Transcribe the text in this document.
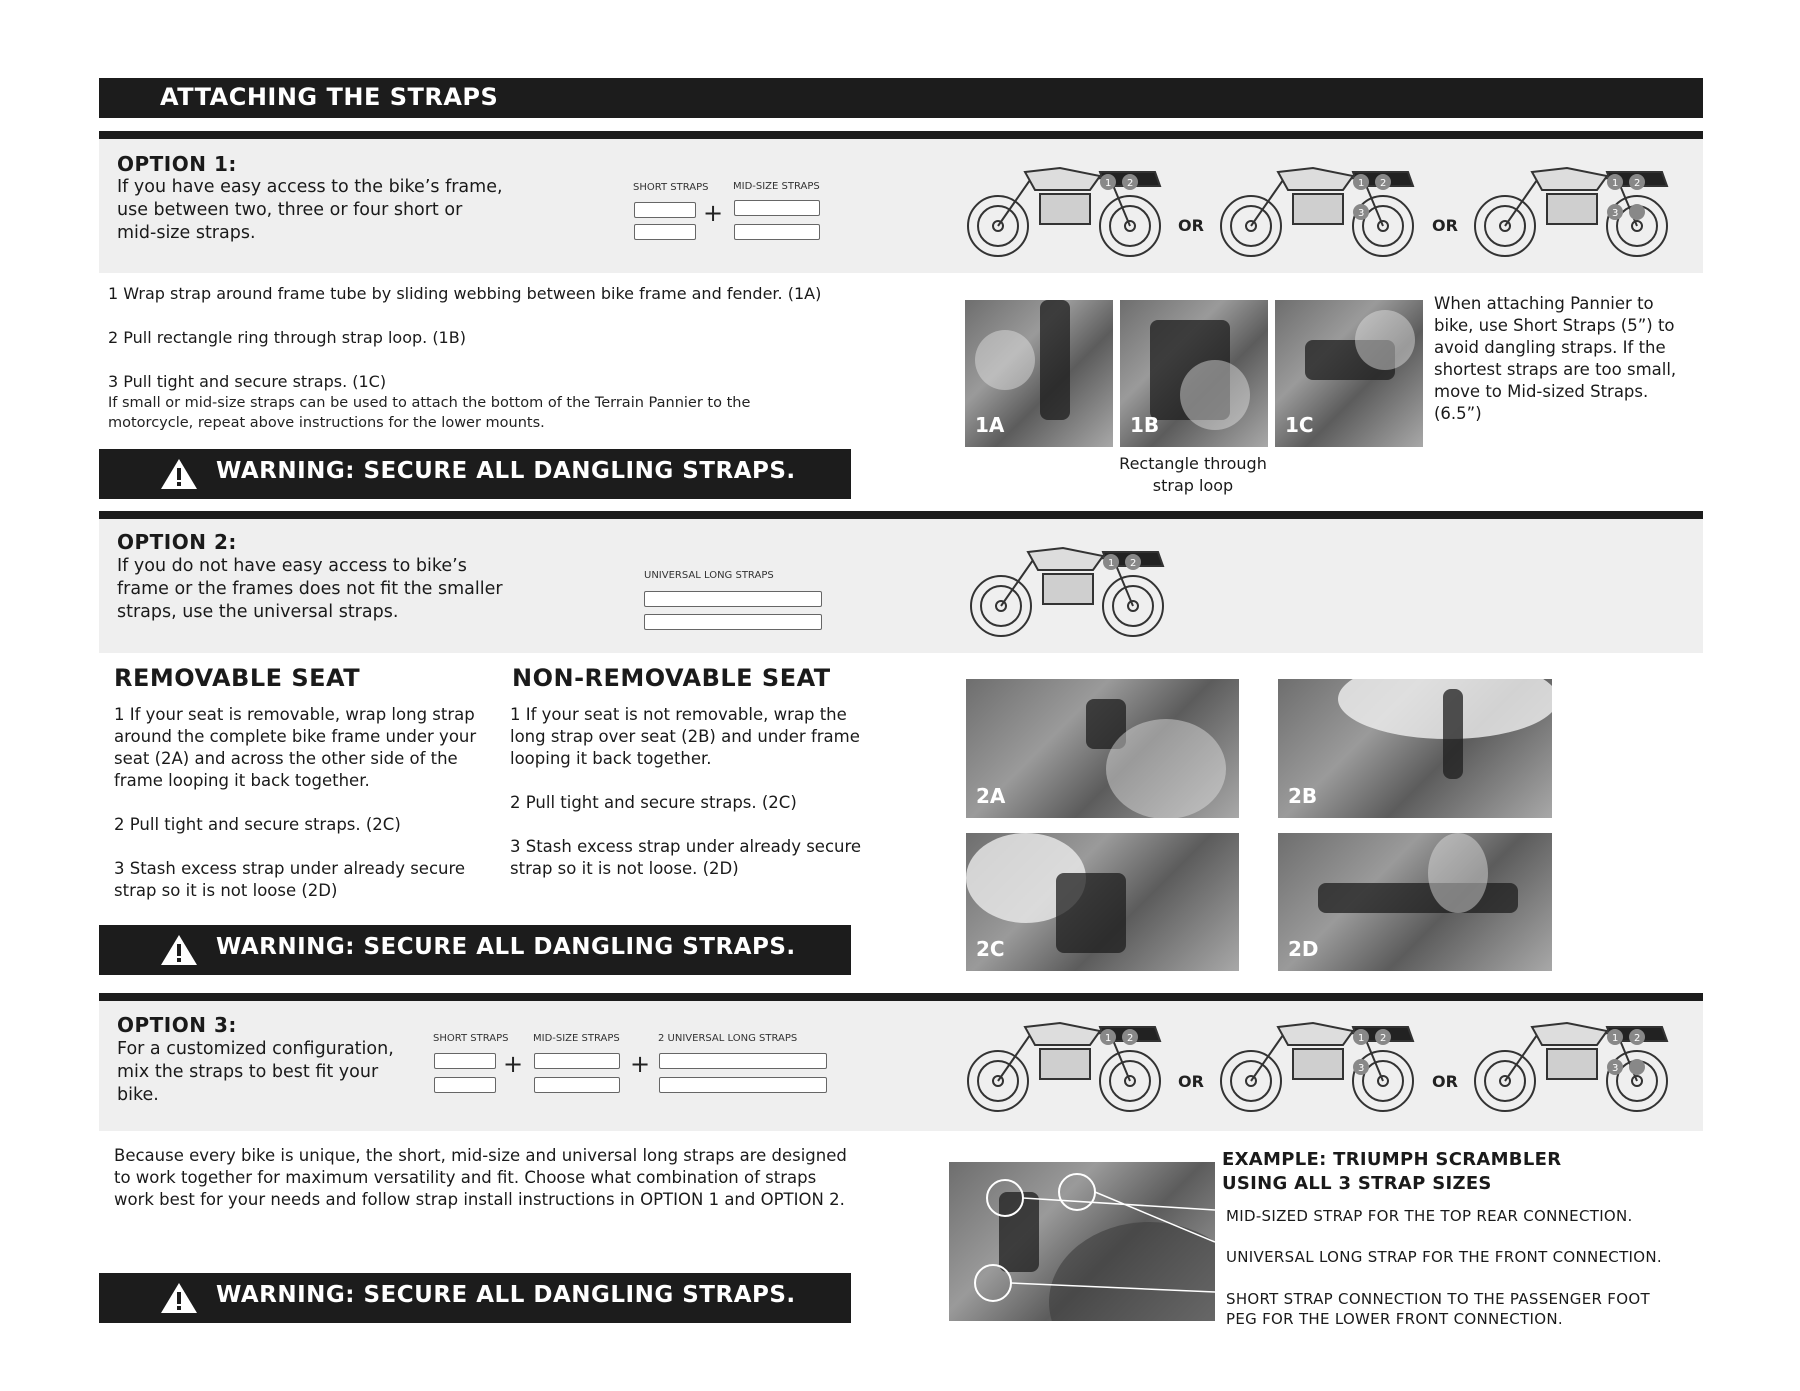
ATTACHING THE STRAPS
OPTION 1:
If you have easy access to the bike’s frame,
use between two, three or four short or
mid-size straps.
SHORT STRAPS MID-SIZE STRAPS
+
1 2
OR
1 2
3
OR
1 2
3
1 Wrap strap around frame tube by sliding webbing between bike frame and fender. (1A)
2 Pull rectangle ring through strap loop. (1B)
3 Pull tight and secure straps. (1C)
If small or mid-size straps can be used to attach the bottom of the Terrain Pannier to the motorcycle, repeat above instructions for the lower mounts.
WARNING: SECURE ALL DANGLING STRAPS.
1A	1B	1C
Rectangle through strap loop
When attaching Pannier to bike, use Short Straps (5”) to avoid dangling straps. If the shortest straps are too small, move to Mid-sized Straps. (6.5”)
OPTION 2:
If you do not have easy access to bike’s
frame or the frames does not fit the smaller
straps, use the universal straps.
UNIVERSAL LONG STRAPS
1 2
REMOVABLE SEAT
1 If your seat is removable, wrap long strap around the complete bike frame under your seat (2A) and across the other side of the frame looping it back together.
2 Pull tight and secure straps. (2C)
3 Stash excess strap under already secure strap so it is not loose (2D)
NON-REMOVABLE SEAT
1 If your seat is not removable, wrap the long strap over seat (2B) and under frame looping it back together.
2 Pull tight and secure straps. (2C)
3 Stash excess strap under already secure strap so it is not loose. (2D)
WARNING: SECURE ALL DANGLING STRAPS.
2A	2B
2C	2D
OPTION 3:
For a customized configuration,
mix the straps to best fit your
bike.
SHORT STRAPS MID-SIZE STRAPS	2 UNIVERSAL LONG STRAPS
+	+
1 2
OR
1 2
3
OR
1 2
3
Because every bike is unique, the short, mid-size and universal long straps are designed to work together for maximum versatility and fit. Choose what combination of straps work best for your needs and follow strap install instructions in OPTION 1 and OPTION 2.
WARNING: SECURE ALL DANGLING STRAPS.
EXAMPLE: TRIUMPH SCRAMBLER
USING ALL 3 STRAP SIZES
MID-SIZED STRAP FOR THE TOP REAR CONNECTION.
UNIVERSAL LONG STRAP FOR THE FRONT CONNECTION.
SHORT STRAP CONNECTION TO THE PASSENGER FOOT
PEG FOR THE LOWER FRONT CONNECTION.
